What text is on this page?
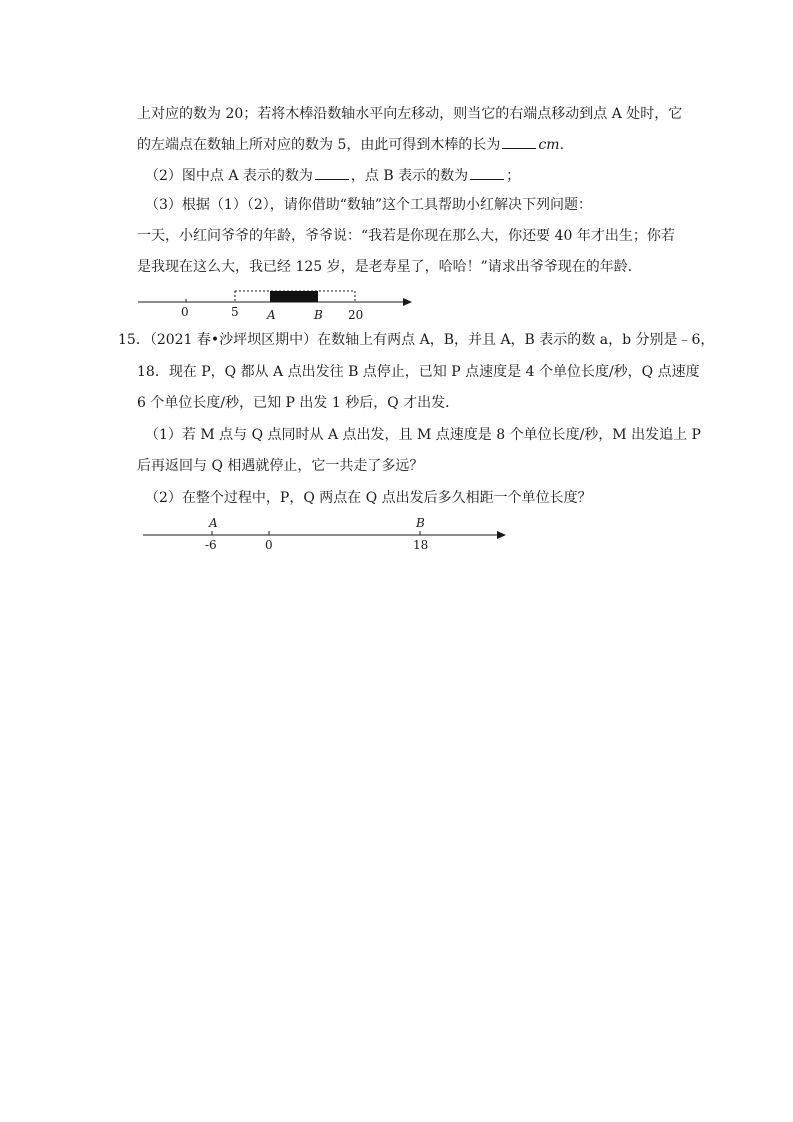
上对应的数为 20；若将木棒沿数轴水平向左移动，则当它的右端点移动到点 A 处时，它
的左端点在数轴上所对应的数为 5，由此可得到木棒的长为	cm．
（2）图中点 A 表示的数为	，点 B 表示的数为	；
（3）根据（1）（2），请你借助“数轴”这个工具帮助小红解决下列问题：
一天，小红问爷爷的年龄，爷爷说：“我若是你现在那么大，你还要 40 年才出生；你若
是我现在这么大，我已经 125 岁，是老寿星了，哈哈！”请求出爷爷现在的年龄．
0	5	20
A	B
A	B
-6	0	18
15．（2021 春•沙坪坝区期中）在数轴上有两点 A，B，并且 A，B 表示的数 a，b 分别是﹣6，
18．现在 P，Q 都从 A 点出发往 B 点停止，已知 P 点速度是 4 个单位长度/秒，Q 点速度
6 个单位长度/秒，已知 P 出发 1 秒后，Q 才出发．
（1）若 M 点与 Q 点同时从 A 点出发，且 M 点速度是 8 个单位长度/秒，M 出发追上 P
后再返回与 Q 相遇就停止，它一共走了多远？
（2）在整个过程中，P，Q 两点在 Q 点出发后多久相距一个单位长度？
